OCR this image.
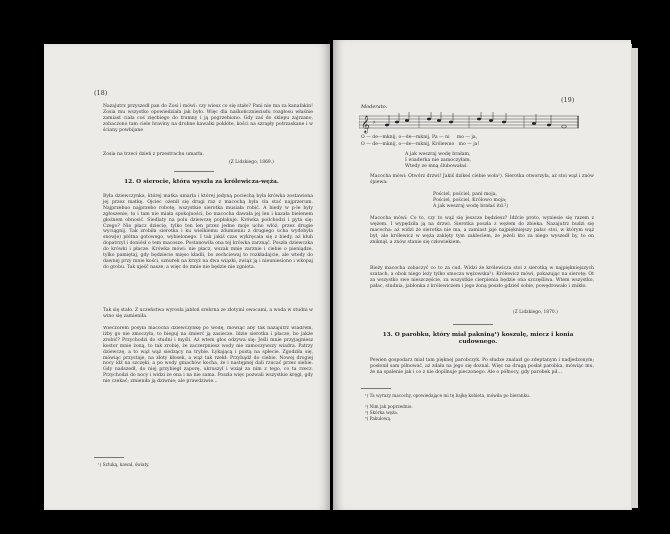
(18)

Nazajutrz przyszedł pan do Zosi i mówi: czy wiesz co się stało? Pani nie ma za kanafakin! Zosia mu wszystko opowiedziała jak było. Więc dla naśkończniezisdu rozgłosu właśnie zamiast ciała coś zięcbiego do trumny i ją pogrzebiono. Gdy zaś do sklepu zajrzano, zobaczono tam ciele hraviny na drobne kawalki pokłóte, kości na szrapły potrzaskane i w ściany powbijane

Zosia na trzeci dzień z przestrachu umarła.

(Z Lidzkiego, 1869.)

12. O sierocie, która wyszła za królewicza-węża.

Była dziewczynka, której matka umarła i której jedyną pociechą była krówka zostawiona jej przez matkę. Ojciec ożenił się drugi raz z macochą była cła stać najprzerum. Najprzebuo najprzebo robotę, wszystkie sierotka musiała robić. A biedy w p-le były zgłoszenie, to i tam nie miała spokojności, bo macocha dawała jej len i kazała bielenem głośnem obnosić. Siedlaty na polu dziewczę popłakuje. Krówka podchodzi i pyta się: Czego? Nie płacz dziecię, tylko ten len przez jedne moje ucho włóż, przez drugie wyciągnij. Tak zrobiła sierotka i ku wielkiemu zdumieniu z drugiego ucha wydobyła snowje) płótna gotowego, wybielonego. I tak jakiś czas wykręcała się z biedy, aż kłuh dopatrzył i doniósł o tem macosze. Postanowiła ona tej krówka zarznąć. Poszła dziewczka do krówki i płacze. Krówka mówi: nie płacz, wszak mnie zarznie i ciebie o pieniądze, tylko pamiętaj, gdy będziecie mięso kładli, bo zechciewaj to rozkładajcie, ale wtedy do dawnej przy mnie kości, sznurek na krzyż na dwa wiązki, zwiąż ją i nieuniesiono i wkopaj do grobu. Tak ujeść nasze, a więc do mnie nie będzie nie zgniota.

Tak się stało. Z uczeństwa wyrosła jabłoń srebrna ze złotymi owocami, a woda w studni w wino się zamieniła.

Wieczorem posyła macocha dziewczynkę po wodę, mówiąc aby tak nazajutrz wiadrem, iżby go nie zmoczyła, to bieguj na śmierć ją zasiecze. Idzie sierotka i płacze, bo jakże zrobić? Przychodzi do studni i myśli. Aż wtem głos odzywa się: Jeśli mnie przyjagniesz kostor mnie żoną, to tak zrobię, że zaczerpniesz wody nie zamoczywszy wiadra. Patrzy dziewczę, a to wąż wąż siedzący na trybie. Łykającą i pustą na spłecie. Zgodziła się, mówiąc przystaje, na złoty kłosek, a wąż tak rzekł: Przybądź do ciebie. Nowej drogiej nocy idź na szczęki, a po wody gmachów kocha, że i następnej dali rzucać przez siebie. Gdy nadszedł, do niej przybiegł zaporę, ukruszył i wziął za nim z tego, co ta rzecz. Przychodzi do nocy i widzi że ona i na nie sama. Poszła więc pozwali wszystkie kręgi, gdy nie czekać; zmieniła ją dziwnie; ale prawdziwie...

¹) Sztuką, kawał, światy.

(19)
Moderato.
𝄞 ♯
O — de—mknij, o—de—mknij, Pa — ni     mo — ja,
O — de—mknij, o—de—mknij, Królewno   mo — ja!

A jak weszraj wodę brałam,

I wiaderka nie zamoczyłam,

Wtedy ze mną ślubowałaś.

Macocha mówi: Otwórz drzwi! Jakiś dzikeś ciebie woła¹). Sierotka otworzyła, aż stoi wąż i znów śpiewa:

Pościel, pościel, pani moja,

Pościel, pościel, Królowo moja;

A jak weszraj wodę brałaś itd.²)

Macocha mówi: Co to, czy to wąż się jeszcze będziesz? Idźcie proto, wyniesie się razem z wężem. I wypędziła ją na drzwi. Sierotka poszła z wężem do zbieka. Nazajutrz budzi się macocha: aż widzi że sierotka nie ma, a zamiast jaje najpiękniejszy pałac stoi, w którym wąż był, ale królewicz w węża zaklęty tym zakleciem, że jeżeli kto za niego wyszedł by, to on zniknął, a znów stanie się człowiekiem.

Bieży macocha zobaczyć co to za cud. Widzi że królewicza stoi z sierotką w najpiękniejszych szatach, a obok niego leży tylko smocza wężowska³). Królewicz mówi, pokazując na sierotę: Ot za wszystko swe nieszczęście, za wszystkie cierpienia będzie ona szczęśliwa. Wtem wszystko, pałac, studnia, jabłonka z królewiczem i jego żoną poszło gdzieś sobie, powędrowało i znikło.

(Z Lidzkiego, 1870.)

13. O parobku, który miał pakniną¹) koszulę, miecz i konia cudownego.

Pewien gospodarz miał tam pięknej parobczyk. Po słudze znalazł go zdeptanym i nadjedzonym; posłonił sam pilnować, aż zdała na jego się doznal. Więc na drugą posłał parobka, mówiąc mu, że na spalenie jak i co z nie dopilnuje pieczonego. Ale o północy, gdy parobek pił…

¹) Ta wyrazy macochy, opowiedające mi tę bajkę kobieta, mówiła po bieranku.

²) Nim jak poprzednio.

³) Skórka węża.

⁴) Pakułową.
